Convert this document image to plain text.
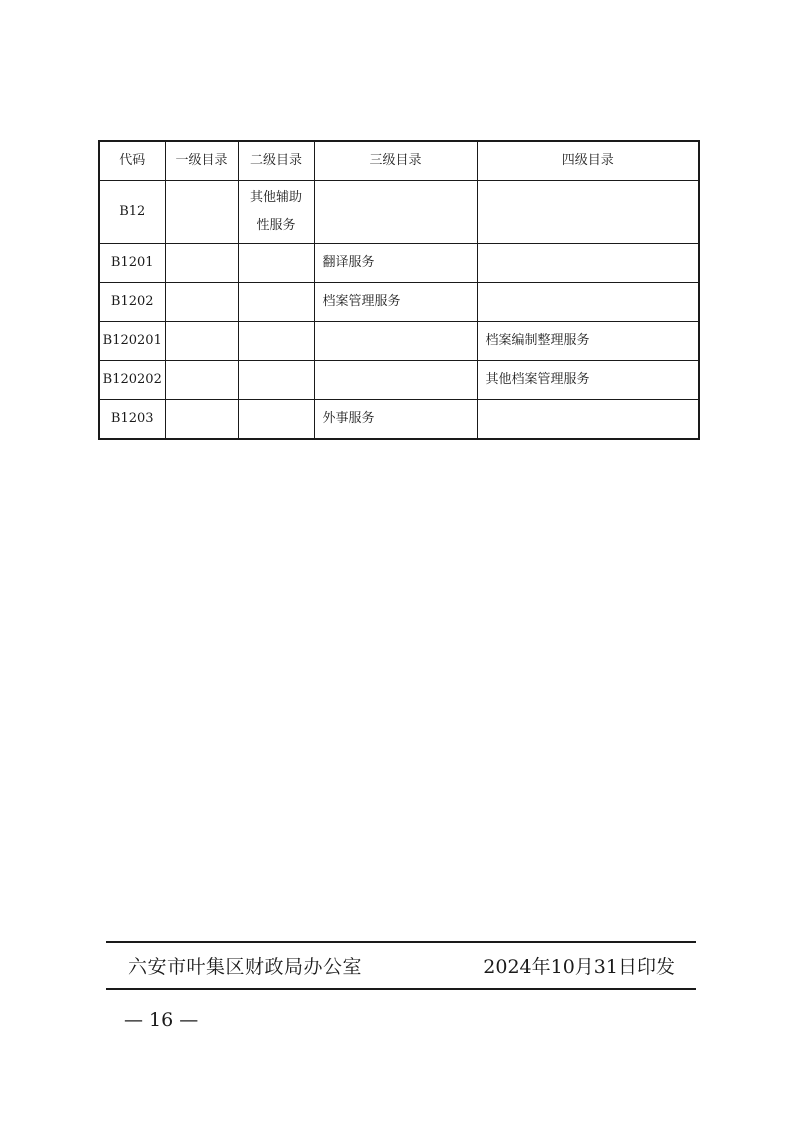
代码	一级目录	二级目录	三级目录	四级目录
B12		其他辅助性服务		
B1201			翻译服务	
B1202			档案管理服务	
B120201				档案编制整理服务
B120202				其他档案管理服务
B1203			外事服务	
六安市叶集区财政局办公室	2024年10月31日印发
— 16 —
